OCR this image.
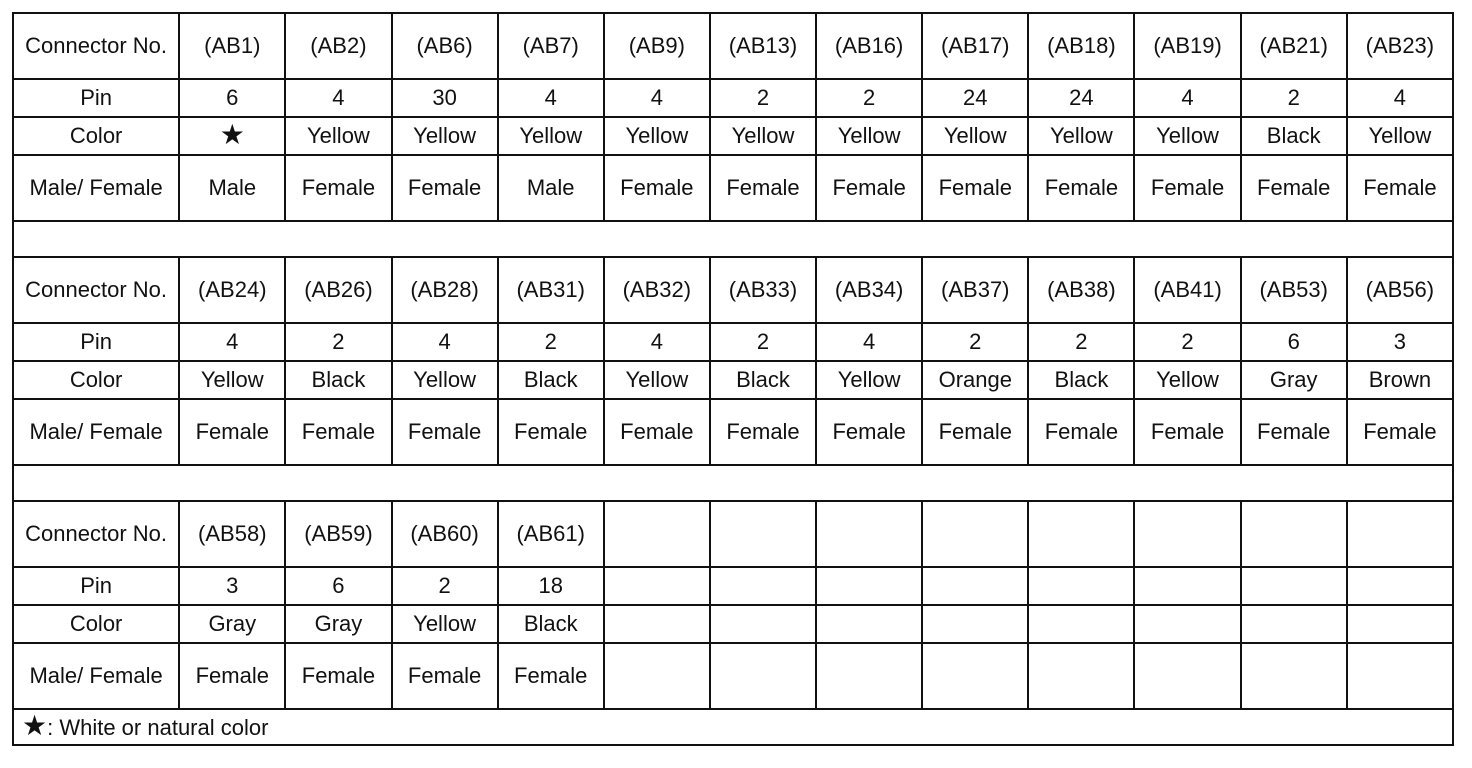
Connector No.	(AB1)	(AB2)	(AB6)	(AB7)	(AB9)	(AB13)	(AB16)	(AB17)	(AB18)	(AB19)	(AB21)	(AB23)
Pin	6	4	30	4	4	2	2	24	24	4	2	4
Color	★	Yellow	Yellow	Yellow	Yellow	Yellow	Yellow	Yellow	Yellow	Yellow	Black	Yellow
Male/ Female	Male	Female	Female	Male	Female	Female	Female	Female	Female	Female	Female	Female

Connector No.	(AB24)	(AB26)	(AB28)	(AB31)	(AB32)	(AB33)	(AB34)	(AB37)	(AB38)	(AB41)	(AB53)	(AB56)
Pin	4	2	4	2	4	2	4	2	2	2	6	3
Color	Yellow	Black	Yellow	Black	Yellow	Black	Yellow	Orange	Black	Yellow	Gray	Brown
Male/ Female	Female	Female	Female	Female	Female	Female	Female	Female	Female	Female	Female	Female

Connector No.	(AB58)	(AB59)	(AB60)	(AB61)								
Pin	3	6	2	18								
Color	Gray	Gray	Yellow	Black								
Male/ Female	Female	Female	Female	Female								
★: White or natural color												
